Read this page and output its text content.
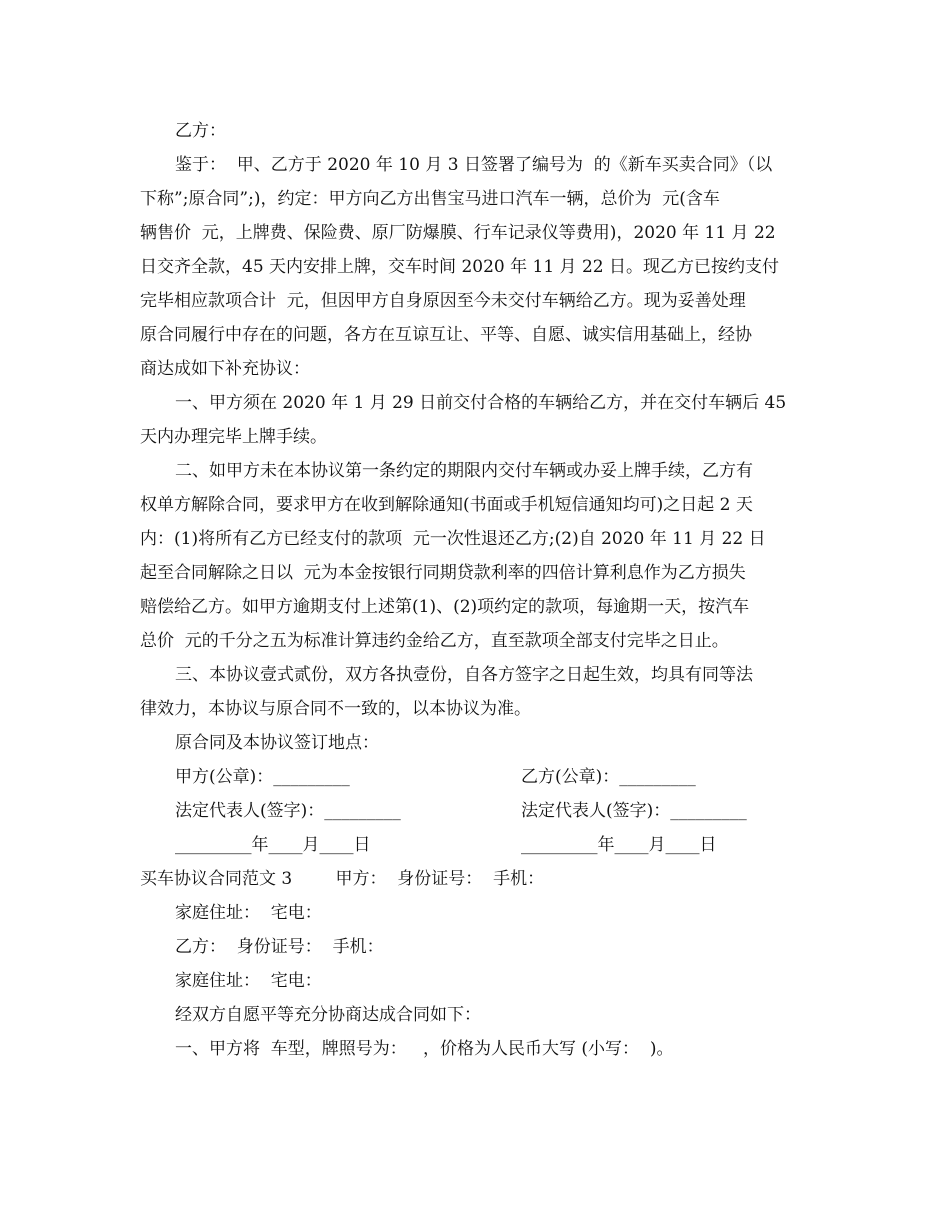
乙方：
鉴于：  甲、乙方于 2020 年 10 月 3 日签署了编号为  的《新车买卖合同》（以
下称”;原合同”;)，约定：甲方向乙方出售宝马进口汽车一辆，总价为  元(含车
辆售价  元，上牌费、保险费、原厂防爆膜、行车记录仪等费用)，2020 年 11 月 22
日交齐全款，45 天内安排上牌，交车时间 2020 年 11 月 22 日。现乙方已按约支付
完毕相应款项合计  元，但因甲方自身原因至今未交付车辆给乙方。现为妥善处理
原合同履行中存在的问题，各方在互谅互让、平等、自愿、诚实信用基础上，经协
商达成如下补充协议：
一、甲方须在 2020 年 1 月 29 日前交付合格的车辆给乙方，并在交付车辆后 45
天内办理完毕上牌手续。
二、如甲方未在本协议第一条约定的期限内交付车辆或办妥上牌手续，乙方有
权单方解除合同，要求甲方在收到解除通知(书面或手机短信通知均可)之日起 2 天
内：(1)将所有乙方已经支付的款项  元一次性退还乙方;(2)自 2020 年 11 月 22 日
起至合同解除之日以  元为本金按银行同期贷款利率的四倍计算利息作为乙方损失
赔偿给乙方。如甲方逾期支付上述第(1)、(2)项约定的款项，每逾期一天，按汽车
总价  元的千分之五为标准计算违约金给乙方，直至款项全部支付完毕之日止。
三、本协议壹式贰份，双方各执壹份，自各方签字之日起生效，均具有同等法
律效力，本协议与原合同不一致的，以本协议为准。
原合同及本协议签订地点：
甲方(公章)：_________	乙方(公章)：_________
法定代表人(签字)：_________	法定代表人(签字)：_________
_________年____月____日	_________年____月____日
买车协议合同范文 3        甲方：  身份证号：  手机：
家庭住址：  宅电：
乙方：  身份证号：  手机：
家庭住址：  宅电：
经双方自愿平等充分协商达成合同如下：
一、甲方将  车型，牌照号为：   ，价格为人民币大写 (小写：  )。
